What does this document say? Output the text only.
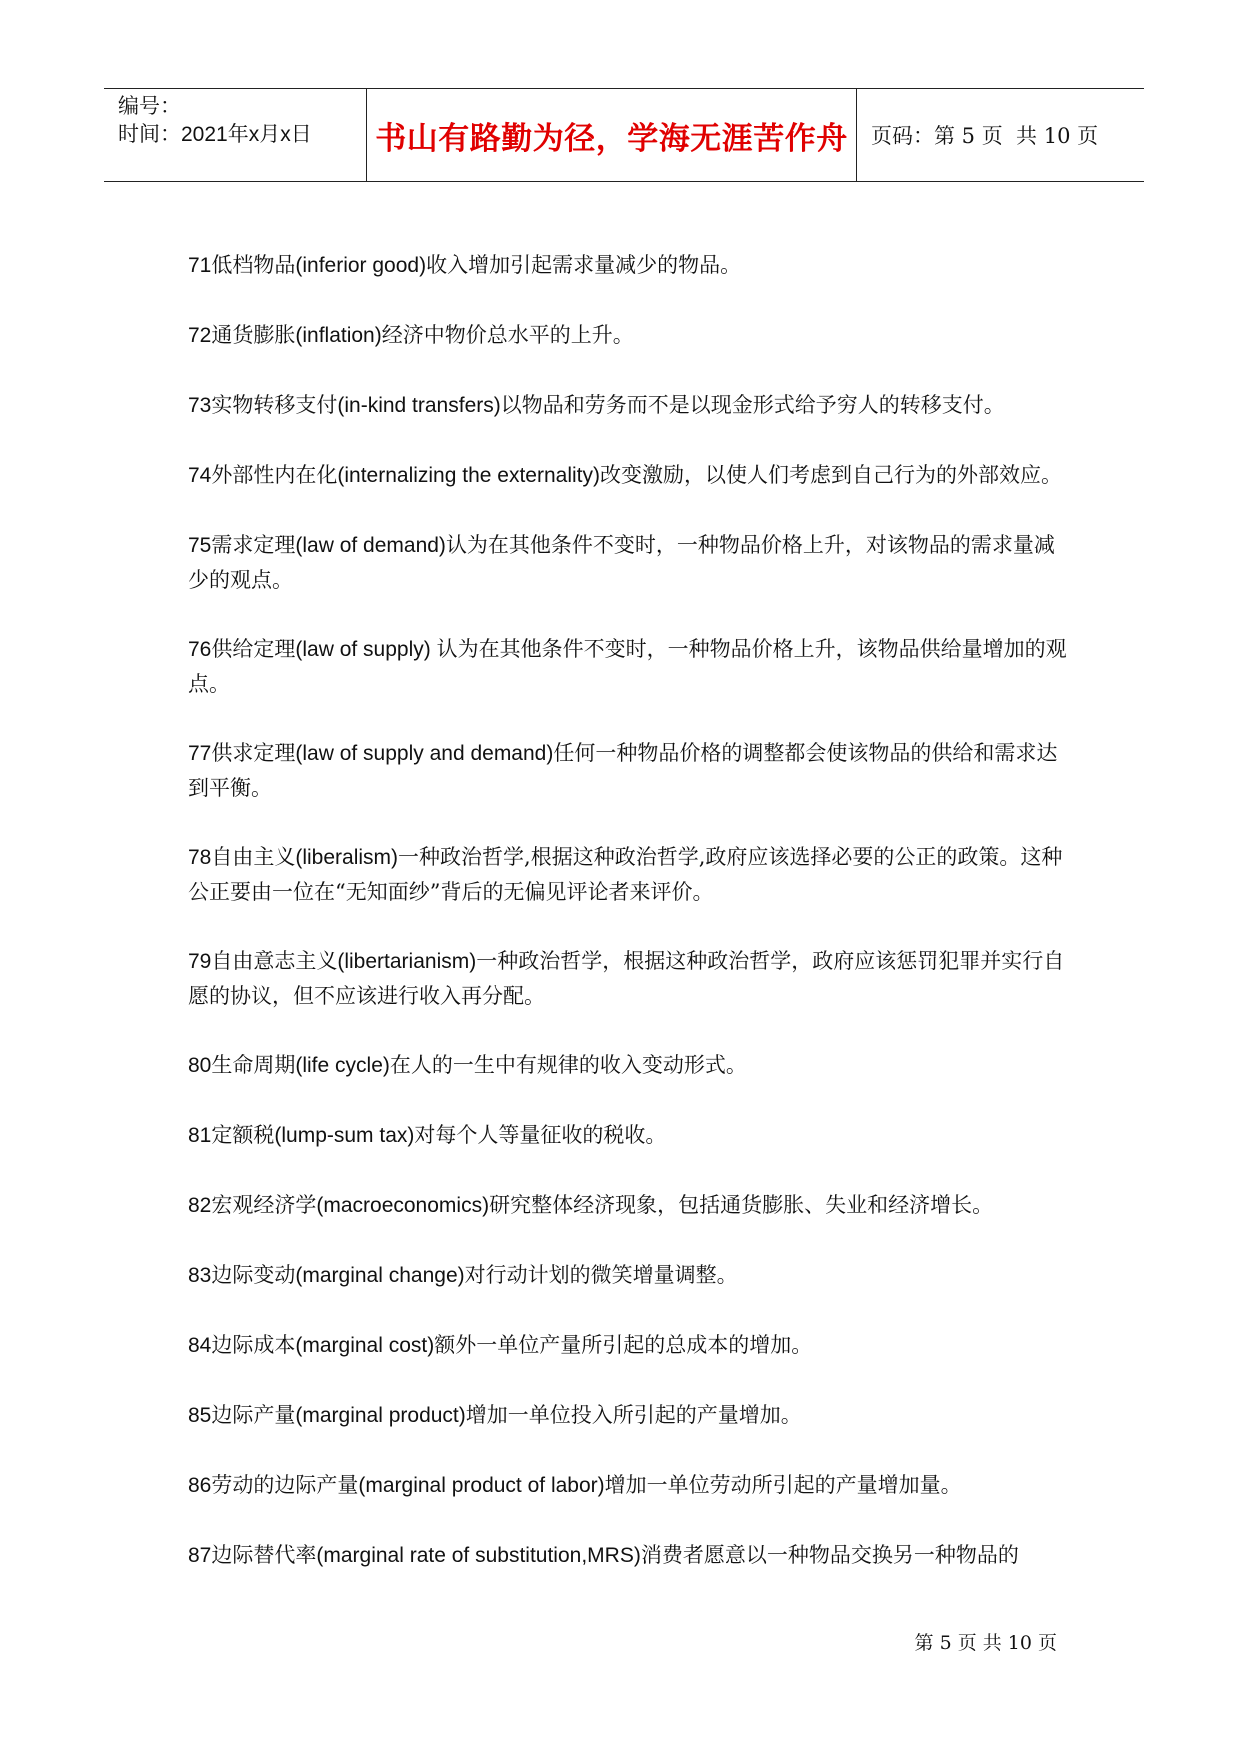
编号：
时间：2021年x月x日	书山有路勤为径，学海无涯苦作舟 页码：第 5 页  共 10 页
71低档物品(inferior good)收入增加引起需求量减少的物品。
72通货膨胀(inflation)经济中物价总水平的上升。
73实物转移支付(in-kind transfers)以物品和劳务而不是以现金形式给予穷人的转移支付。
74外部性内在化(internalizing the externality)改变激励，以使人们考虑到自己行为的外部效应。
75需求定理(law of demand)认为在其他条件不变时，一种物品价格上升，对该物品的需求量减少的观点。
76供给定理(law of supply) 认为在其他条件不变时，一种物品价格上升，该物品供给量增加的观点。
77供求定理(law of supply and demand)任何一种物品价格的调整都会使该物品的供给和需求达到平衡。
78自由主义(liberalism)一种政治哲学,根据这种政治哲学,政府应该选择必要的公正的政策。这种公正要由一位在“无知面纱”背后的无偏见评论者来评价。
79自由意志主义(libertarianism)一种政治哲学，根据这种政治哲学，政府应该惩罚犯罪并实行自愿的协议，但不应该进行收入再分配。
80生命周期(life cycle)在人的一生中有规律的收入变动形式。
81定额税(lump-sum tax)对每个人等量征收的税收。
82宏观经济学(macroeconomics)研究整体经济现象，包括通货膨胀、失业和经济增长。
83边际变动(marginal change)对行动计划的微笑增量调整。
84边际成本(marginal cost)额外一单位产量所引起的总成本的增加。
85边际产量(marginal product)增加一单位投入所引起的产量增加。
86劳动的边际产量(marginal product of labor)增加一单位劳动所引起的产量增加量。
87边际替代率(marginal rate of substitution,MRS)消费者愿意以一种物品交换另一种物品的
第 5 页 共 10 页
